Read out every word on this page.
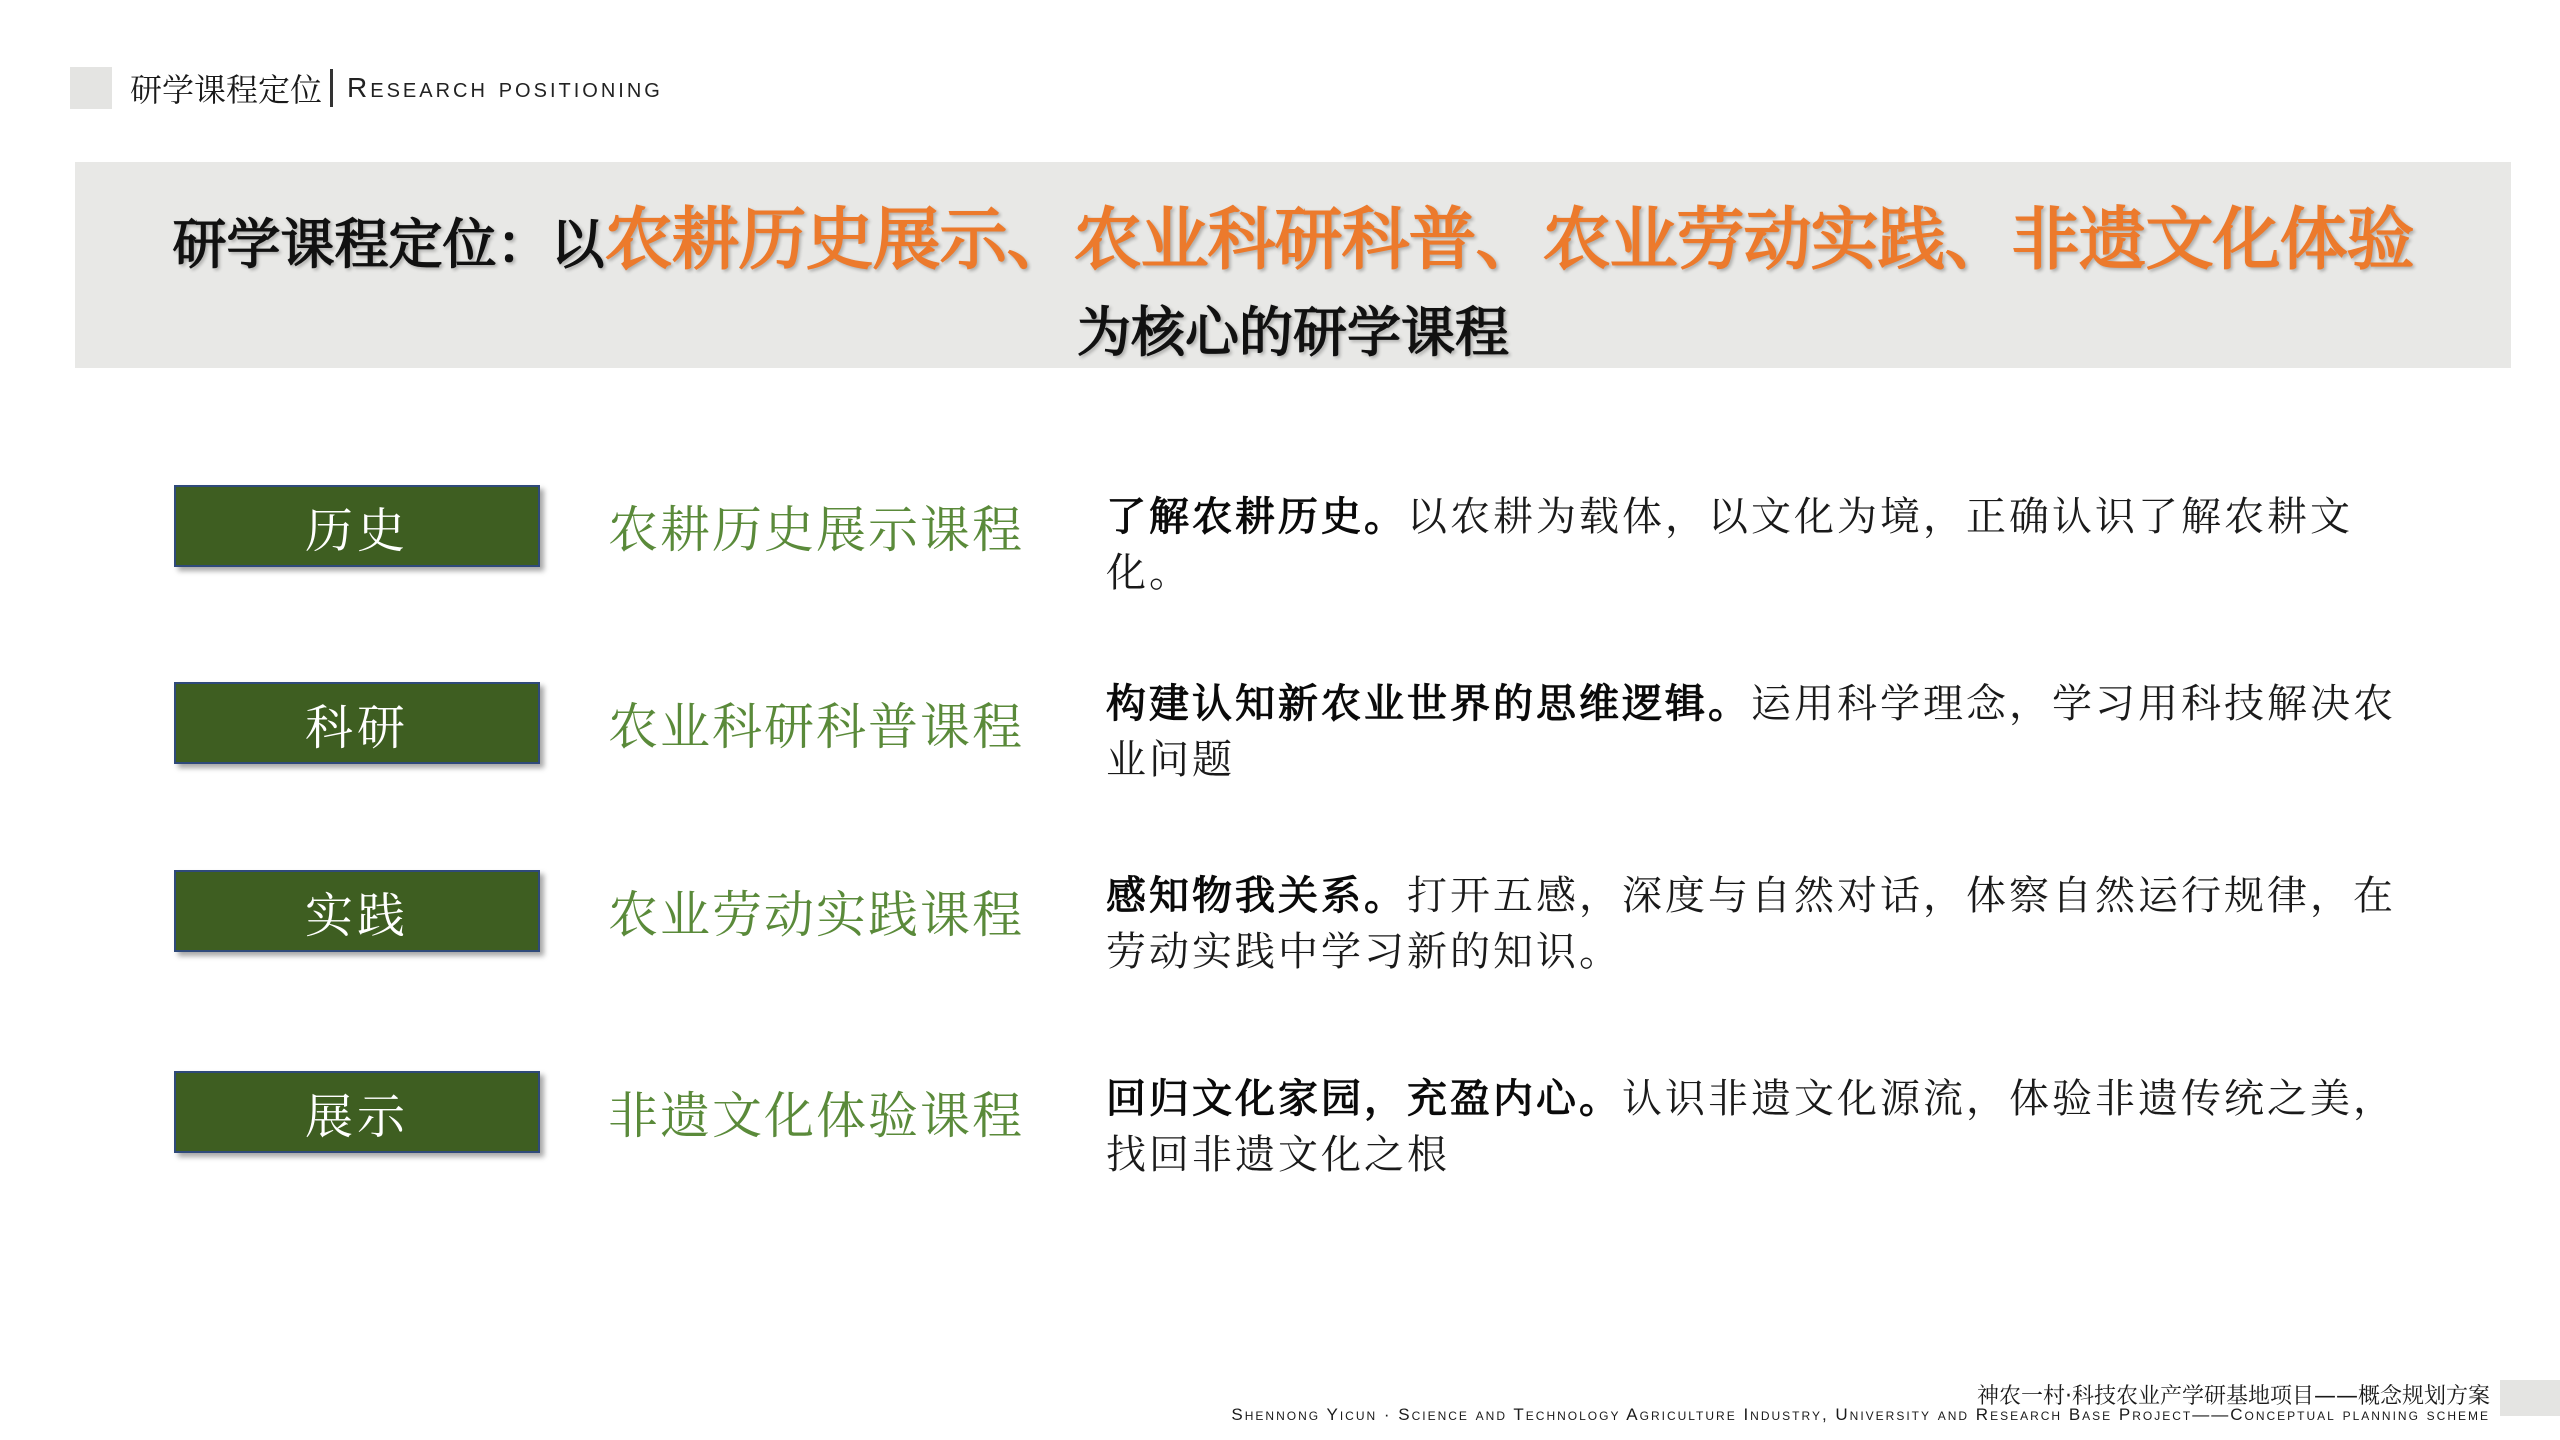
研学课程定位 Research positioning
研学课程定位：以农耕历史展示、农业科研科普、农业劳动实践、非遗文化体验
为核心的研学课程
历史	农耕历史展示课程	了解农耕历史。以农耕为载体，以文化为境，正确认识了解农耕文化。
科研	农业科研科普课程	构建认知新农业世界的思维逻辑。运用科学理念，学习用科技解决农业问题
实践	农业劳动实践课程	感知物我关系。打开五感，深度与自然对话，体察自然运行规律，在劳动实践中学习新的知识。
展示	非遗文化体验课程	回归文化家园，充盈内心。认识非遗文化源流，体验非遗传统之美，找回非遗文化之根
神农一村·科技农业产学研基地项目——概念规划方案
Shennong Yicun · Science and Technology Agriculture Industry, University and Research Base Project——Conceptual planning scheme
